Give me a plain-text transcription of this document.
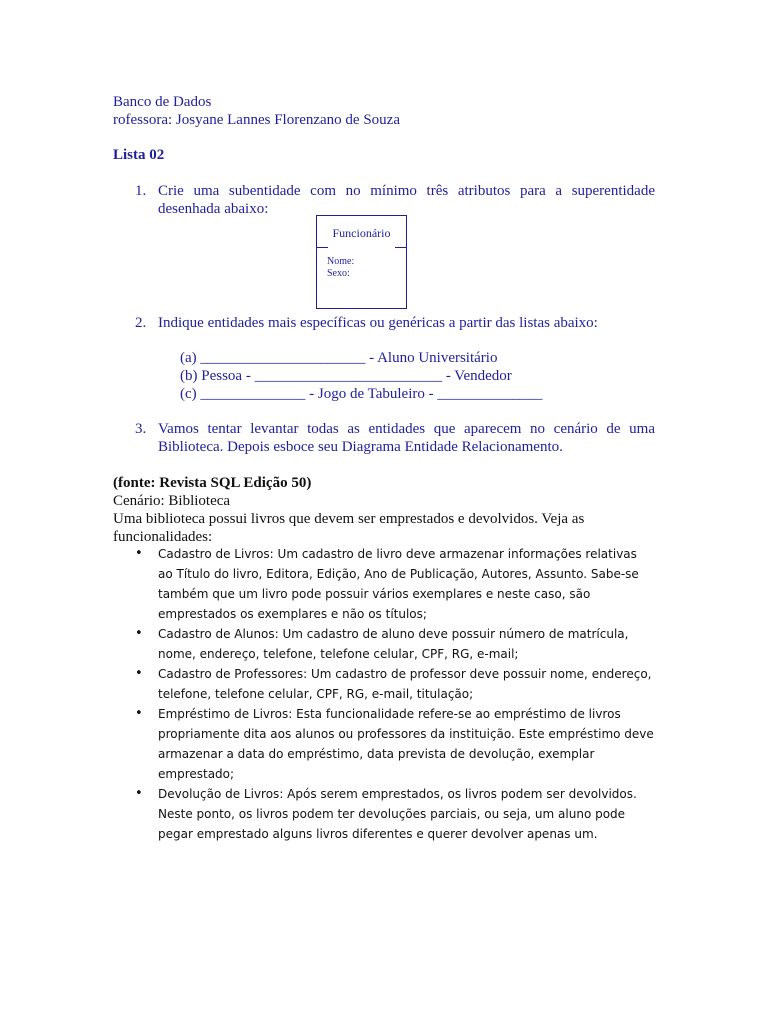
Banco de Dados
rofessora: Josyane Lannes Florenzano de Souza
Lista 02
1. Crie uma subentidade com no mínimo três atributos para a superentidade desenhada abaixo:
Funcionário
Nome:
Sexo:
2. Indique entidades mais específicas ou genéricas a partir das listas abaixo:
(a) ______________________ - Aluno Universitário
(b) Pessoa - _________________________ - Vendedor
(c) ______________ - Jogo de Tabuleiro - ______________
3. Vamos tentar levantar todas as entidades que aparecem no cenário de uma Biblioteca. Depois esboce seu Diagrama Entidade Relacionamento.
(fonte: Revista SQL Edição 50)
Cenário: Biblioteca
Uma biblioteca possui livros que devem ser emprestados e devolvidos. Veja as
funcionalidades:
• Cadastro de Livros: Um cadastro de livro deve armazenar informações relativas ao Título do livro, Editora, Edição, Ano de Publicação, Autores, Assunto. Sabe-se também que um livro pode possuir vários exemplares e neste caso, são emprestados os exemplares e não os títulos;
• Cadastro de Alunos: Um cadastro de aluno deve possuir número de matrícula, nome, endereço, telefone, telefone celular, CPF, RG, e-mail;
• Cadastro de Professores: Um cadastro de professor deve possuir nome, endereço, telefone, telefone celular, CPF, RG, e-mail, titulação;
• Empréstimo de Livros: Esta funcionalidade refere-se ao empréstimo de livros propriamente dita aos alunos ou professores da instituição. Este empréstimo deve armazenar a data do empréstimo, data prevista de devolução, exemplar emprestado;
• Devolução de Livros: Após serem emprestados, os livros podem ser devolvidos. Neste ponto, os livros podem ter devoluções parciais, ou seja, um aluno pode pegar emprestado alguns livros diferentes e querer devolver apenas um.
